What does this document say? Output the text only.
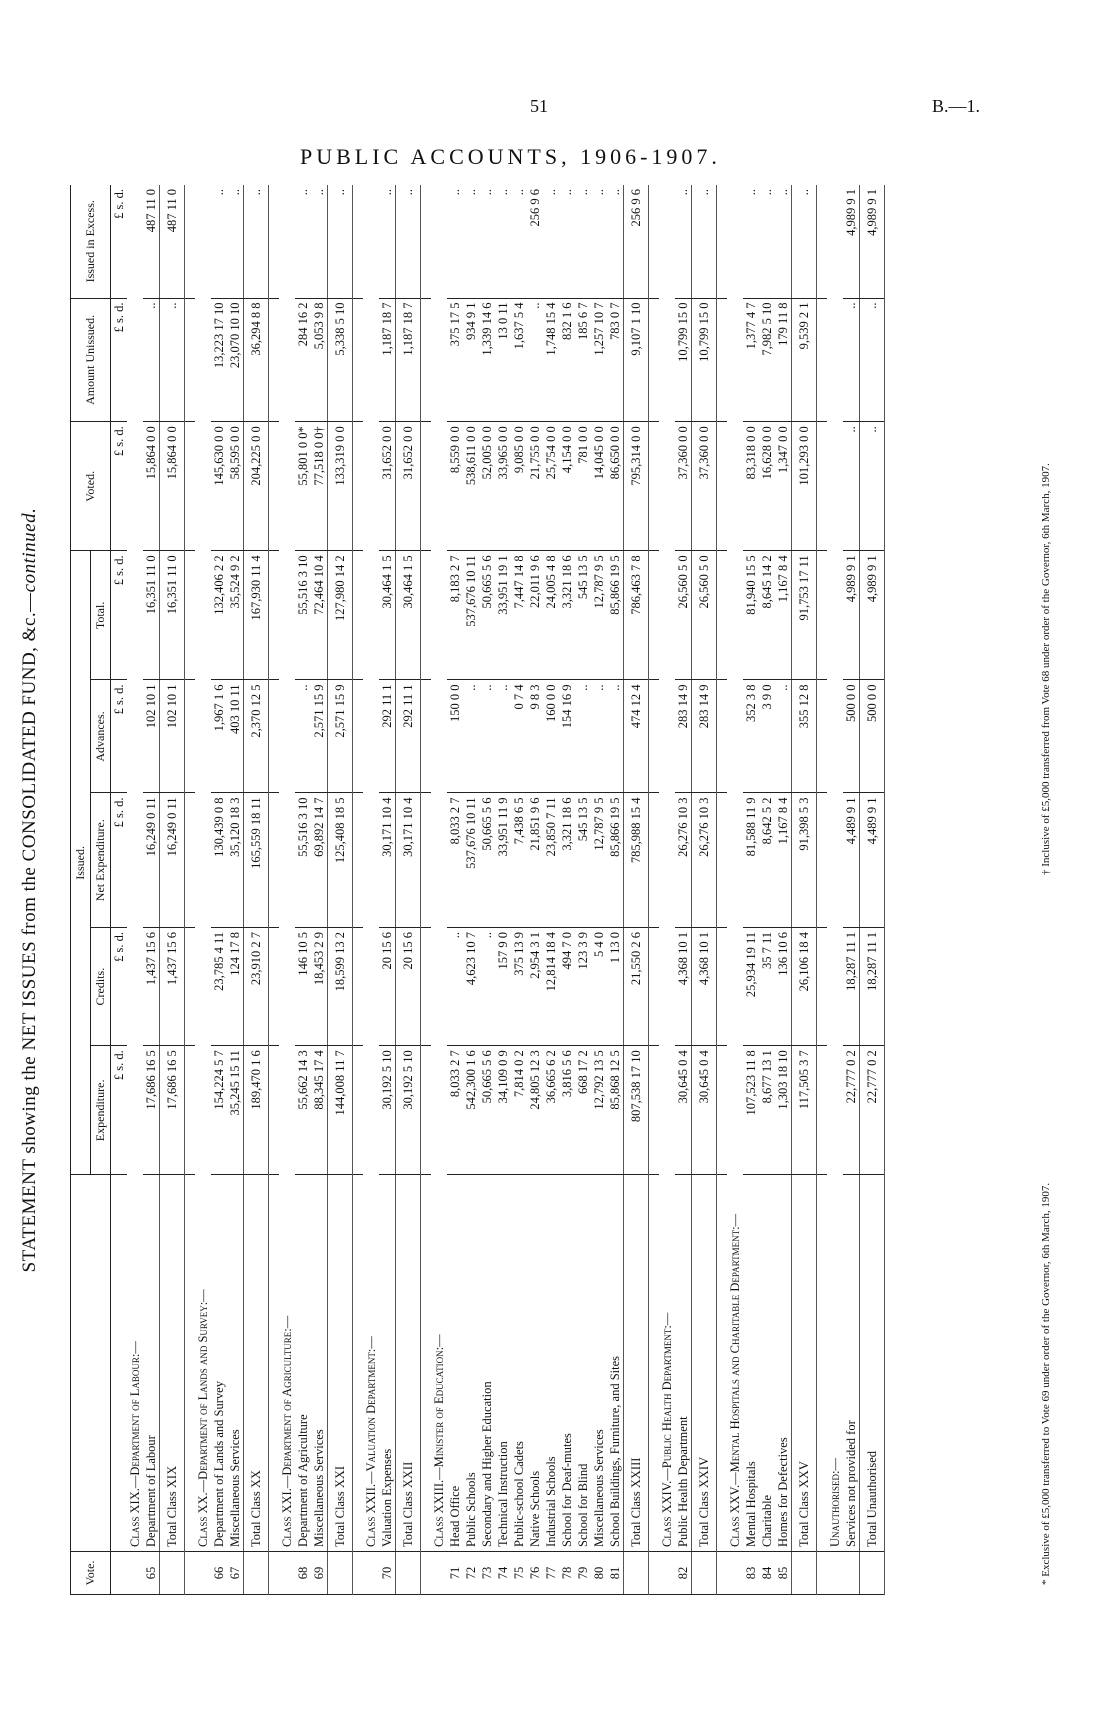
51	B.—1.
PUBLIC ACCOUNTS, 1906-1907.
STATEMENT showing the NET ISSUES from the CONSOLIDATED FUND, &c.—continued.
Vote.		Issued.					Voted.	Amount Unissued.	Issued in Excess.
		Expenditure.	Credits.	Net Expenditure.	Advances.	Total.			
		£ s. d.	£ s. d.	£ s. d.	£ s. d.	£ s. d.	£ s. d.	£ s. d.	£ s. d.
	Class XIX.—Department of Labour:—								
65	Department of Labour	17,686 16 5	1,437 15 6	16,249 0 11	102 10 1	16,351 11 0	15,864 0 0	..	487 11 0
	Total Class XIX	17,686 16 5	1,437 15 6	16,249 0 11	102 10 1	16,351 11 0	15,864 0 0	..	487 11 0

	Class XX.—Department of Lands and Survey:—								
66	Department of Lands and Survey	154,224 5 7	23,785 4 11	130,439 0 8	1,967 1 6	132,406 2 2	145,630 0 0	13,223 17 10	..
67	Miscellaneous Services	35,245 15 11	124 17 8	35,120 18 3	403 10 11	35,524 9 2	58,595 0 0	23,070 10 10	..
	Total Class XX	189,470 1 6	23,910 2 7	165,559 18 11	2,370 12 5	167,930 11 4	204,225 0 0	36,294 8 8	..

	Class XXI.—Department of Agriculture:—								
68	Department of Agriculture	55,662 14 3	146 10 5	55,516 3 10	..	55,516 3 10	55,801 0 0*	284 16 2	..
69	Miscellaneous Services	88,345 17 4	18,453 2 9	69,892 14 7	2,571 15 9	72,464 10 4	77,518 0 0†	5,053 9 8	..
	Total Class XXI	144,008 11 7	18,599 13 2	125,408 18 5	2,571 15 9	127,980 14 2	133,319 0 0	5,338 5 10	..

	Class XXII.—Valuation Department:—								
70	Valuation Expenses	30,192 5 10	20 15 6	30,171 10 4	292 11 1	30,464 1 5	31,652 0 0	1,187 18 7	..
	Total Class XXII	30,192 5 10	20 15 6	30,171 10 4	292 11 1	30,464 1 5	31,652 0 0	1,187 18 7	..

	Class XXIII.—Minister of Education:—								
71	Head Office	8,033 2 7	..	8,033 2 7	150 0 0	8,183 2 7	8,559 0 0	375 17 5	..
72	Public Schools	542,300 1 6	4,623 10 7	537,676 10 11	..	537,676 10 11	538,611 0 0	934 9 1	..
73	Secondary and Higher Education	50,665 5 6	..	50,665 5 6	..	50,665 5 6	52,005 0 0	1,339 14 6	..
74	Technical Instruction	34,109 0 9	157 9 0	33,951 11 9	..	33,951 19 1	33,965 0 0	13 0 11	..
75	Public-school Cadets	7,814 0 2	375 13 9	7,438 6 5	0 7 4	7,447 14 8	9,085 0 0	1,637 5 4	..
76	Native Schools	24,805 12 3	2,954 3 1	21,851 9 6	9 8 3	22,011 9 6	21,755 0 0	..	256 9 6
77	Industrial Schools	36,665 6 2	12,814 18 4	23,850 7 11	160 0 0	24,005 4 8	25,754 0 0	1,748 15 4	..
78	School for Deaf-mutes	3,816 5 6	494 7 0	3,321 18 6	154 16 9	3,321 18 6	4,154 0 0	832 1 6	..
79	School for Blind	668 17 2	123 3 9	545 13 5	..	545 13 5	781 0 0	185 6 7	..
80	Miscellaneous Services	12,792 13 5	5 4 0	12,787 9 5	..	12,787 9 5	14,045 0 0	1,257 10 7	..
81	School Buildings, Furniture, and Sites	85,868 12 5	1 13 0	85,866 19 5	..	85,866 19 5	86,650 0 0	783 0 7	..
	Total Class XXIII	807,538 17 10	21,550 2 6	785,988 15 4	474 12 4	786,463 7 8	795,314 0 0	9,107 1 10	256 9 6

	Class XXIV.—Public Health Department:—								
82	Public Health Department	30,645 0 4	4,368 10 1	26,276 10 3	283 14 9	26,560 5 0	37,360 0 0	10,799 15 0	..
	Total Class XXIV	30,645 0 4	4,368 10 1	26,276 10 3	283 14 9	26,560 5 0	37,360 0 0	10,799 15 0	..

	Class XXV.—Mental Hospitals and Charitable Department:—								
83	Mental Hospitals	107,523 11 8	25,934 19 11	81,588 11 9	352 3 8	81,940 15 5	83,318 0 0	1,377 4 7	..
84	Charitable	8,677 13 1	35 7 11	8,642 5 2	3 9 0	8,645 14 2	16,628 0 0	7,982 5 10	..
85	Homes for Defectives	1,303 18 10	136 10 6	1,167 8 4	..	1,167 8 4	1,347 0 0	179 11 8	..
	Total Class XXV	117,505 3 7	26,106 18 4	91,398 5 3	355 12 8	91,753 17 11	101,293 0 0	9,539 2 1	..

	Unauthorised:—								
	Services not provided for	22,777 0 2	18,287 11 1	4,489 9 1	500 0 0	4,989 9 1	..	..	4,989 9 1
	Total Unauthorised	22,777 0 2	18,287 11 1	4,489 9 1	500 0 0	4,989 9 1	..	..	4,989 9 1
* Exclusive of £5,000 transferred to Vote 69 under order of the Governor, 6th March, 1907.
† Inclusive of £5,000 transferred from Vote 68 under order of the Governor, 6th March, 1907.
